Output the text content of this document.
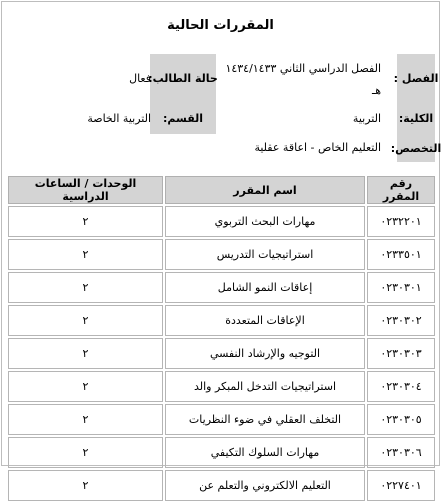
المقررات الحالية
الفصل :
الفصل الدراسي الثاني ١٤٣٤/١٤٣٣
هـ
حالة الطالب:
فعال
الكلية:
التربية
القسم:
التربية الخاصة
التخصص:
التعليم الخاص - اعاقة عقلية
رقم المقرر	اسم المقرر	الوحدات / الساعات الدراسية
٠٢٣٢٢٠١	مهارات البحث التربوي	٢
٠٢٣٣٥٠١	استراتيجيات التدريس	٢
٠٢٣٠٣٠١	إعاقات النمو الشامل	٢
٠٢٣٠٣٠٢	الإعاقات المتعددة	٢
٠٢٣٠٣٠٣	التوجيه والإرشاد النفسي	٢
٠٢٣٠٣٠٤	استراتيجيات التدخل المبكر والد	٢
٠٢٣٠٣٠٥	التخلف العقلي في ضوء النظريات	٢
٠٢٣٠٣٠٦	مهارات السلوك التكيفي	٢
٠٢٢٧٤٠١	التعليم الالكتروني والتعلم عن	٢
